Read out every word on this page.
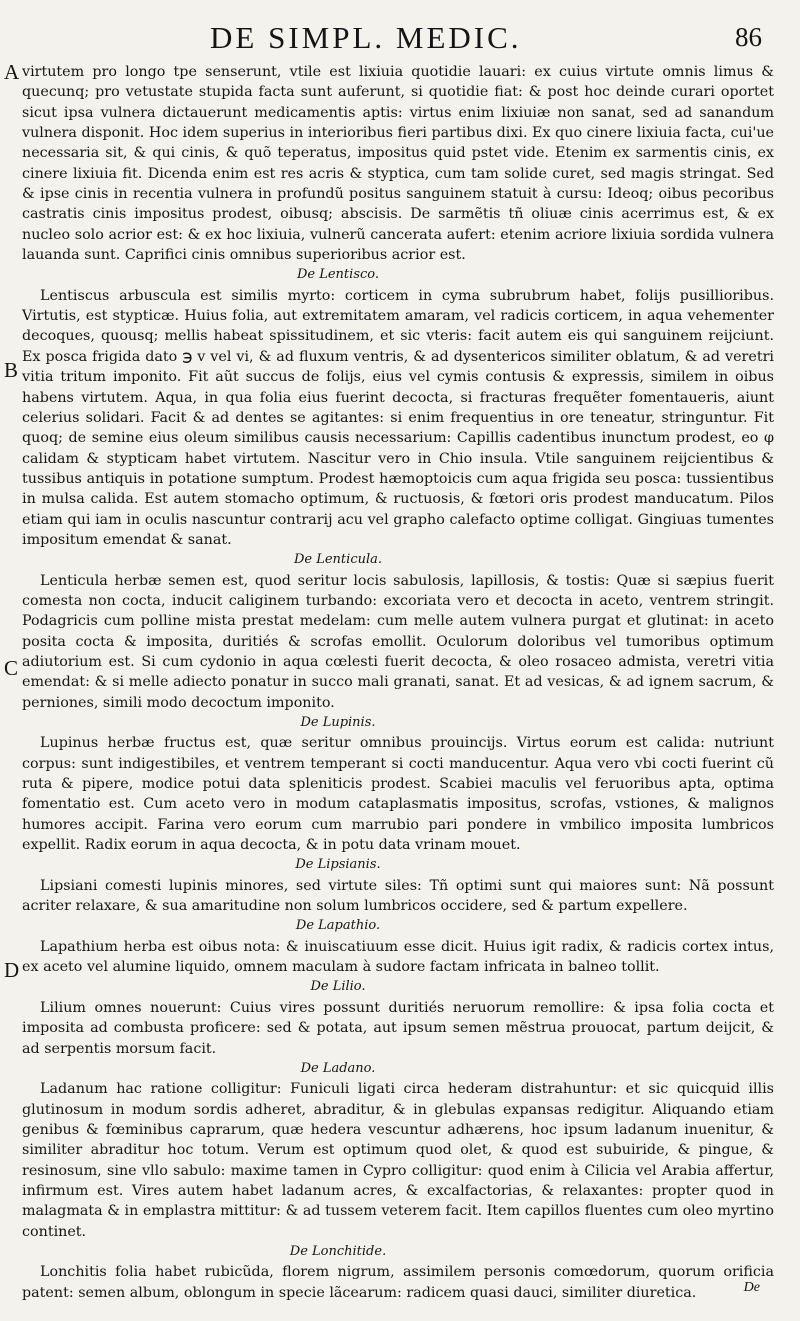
DE SIMPL. MEDIC.	86
A
B
C
D

virtutem pro longo tpe senserunt, vtile est lixiuia quotidie lauari: ex cuius virtute omnis limus & quecunq; pro vetustate stupida facta sunt auferunt, si quotidie fiat: & post hoc deinde curari oportet sicut ipsa vulnera dictauerunt medicamentis aptis: virtus enim lixiuiæ non sanat, sed ad sanandum vulnera disponit. Hoc idem superius in interioribus fieri partibus dixi. Ex quo cinere lixiuia facta, cui'ue necessaria sit, & qui cinis, & quõ teperatus, impositus quid pstet vide. Etenim ex sarmentis cinis, ex cinere lixiuia fit. Dicenda enim est res acris & styptica, cum tam solide curet, sed magis stringat. Sed & ipse cinis in recentia vulnera in profundũ positus sanguinem statuit à cursu: Ideoq; oibus pecoribus castratis cinis impositus prodest, oibusq; abscisis. De sarmẽtis tñ oliuæ cinis acerrimus est, & ex nucleo solo acrior est: & ex hoc lixiuia, vulnerũ cancerata aufert: etenim acriore lixiuia sordida vulnera lauanda sunt. Caprifici cinis omnibus superioribus acrior est.

De Lentisco.

Lentiscus arbuscula est similis myrto: corticem in cyma subrubrum habet, folijs pusillioribus. Virtutis, est stypticæ. Huius folia, aut extremitatem amaram, vel radicis corticem, in aqua vehementer decoques, quousq; mellis habeat spissitudinem, et sic vteris: facit autem eis qui sanguinem reijciunt. Ex posca frigida dato ℈ v vel vi, & ad fluxum ventris, & ad dysentericos similiter oblatum, & ad veretri vitia tritum imponito. Fit aũt succus de folijs, eius vel cymis contusis & expressis, similem in oibus habens virtutem. Aqua, in qua folia eius fuerint decocta, si fracturas frequẽter fomentaueris, aiunt celerius solidari. Facit & ad dentes se agitantes: si enim frequentius in ore teneatur, stringuntur. Fit quoq; de semine eius oleum similibus causis necessarium: Capillis cadentibus inunctum prodest, eo φ calidam & stypticam habet virtutem. Nascitur vero in Chio insula. Vtile sanguinem reijcientibus & tussibus antiquis in potatione sumptum. Prodest hæmoptoicis cum aqua frigida seu posca: tussientibus in mulsa calida. Est autem stomacho optimum, & ructuosis, & fœtori oris prodest manducatum. Pilos etiam qui iam in oculis nascuntur contrarij acu vel grapho calefacto optime colligat. Gingiuas tumentes impositum emendat & sanat.

De Lenticula.

Lenticula herbæ semen est, quod seritur locis sabulosis, lapillosis, & tostis: Quæ si sæpius fuerit comesta non cocta, inducit caliginem turbando: excoriata vero et decocta in aceto, ventrem stringit. Podagricis cum polline mista prestat medelam: cum melle autem vulnera purgat et glutinat: in aceto posita cocta & imposita, duritiés & scrofas emollit. Oculorum doloribus vel tumoribus optimum adiutorium est. Si cum cydonio in aqua cœlesti fuerit decocta, & oleo rosaceo admista, veretri vitia emendat: & si melle adiecto ponatur in succo mali granati, sanat. Et ad vesicas, & ad ignem sacrum, & perniones, simili modo decoctum imponito.

De Lupinis.

Lupinus herbæ fructus est, quæ seritur omnibus prouincijs. Virtus eorum est calida: nutriunt corpus: sunt indigestibiles, et ventrem temperant si cocti manducentur. Aqua vero vbi cocti fuerint cũ ruta & pipere, modice potui data spleniticis prodest. Scabiei maculis vel feruoribus apta, optima fomentatio est. Cum aceto vero in modum cataplasmatis impositus, scrofas, vstiones, & malignos humores accipit. Farina vero eorum cum marrubio pari pondere in vmbilico imposita lumbricos expellit. Radix eorum in aqua decocta, & in potu data vrinam mouet.

De Lipsianis.

Lipsiani comesti lupinis minores, sed virtute siles: Tñ optimi sunt qui maiores sunt: Nã possunt acriter relaxare, & sua amaritudine non solum lumbricos occidere, sed & partum expellere.

De Lapathio.

Lapathium herba est oibus nota: & inuiscatiuum esse dicit. Huius igit radix, & radicis cortex intus, ex aceto vel alumine liquido, omnem maculam à sudore factam infricata in balneo tollit.

De Lilio.

Lilium omnes nouerunt: Cuius vires possunt duritiés neruorum remollire: & ipsa folia cocta et imposita ad combusta proficere: sed & potata, aut ipsum semen mẽstrua prouocat, partum deijcit, & ad serpentis morsum facit.

De Ladano.

Ladanum hac ratione colligitur: Funiculi ligati circa hederam distrahuntur: et sic quicquid illis glutinosum in modum sordis adheret, abraditur, & in glebulas expansas redigitur. Aliquando etiam genibus & fœminibus caprarum, quæ hedera vescuntur adhærens, hoc ipsum ladanum inuenitur, & similiter abraditur hoc totum. Verum est optimum quod olet, & quod est subuiride, & pingue, & resinosum, sine vllo sabulo: maxime tamen in Cypro colligitur: quod enim à Cilicia vel Arabia affertur, infirmum est. Vires autem habet ladanum acres, & excalfactorias, & relaxantes: propter quod in malagmata & in emplastra mittitur: & ad tussem veterem facit. Item capillos fluentes cum oleo myrtino continet.

De Lonchitide.

Lonchitis folia habet rubicũda, florem nigrum, assimilem personis comœdorum, quorum orificia patent: semen album, oblongum in specie lãcearum: radicem quasi dauci, similiter diuretica.	De
